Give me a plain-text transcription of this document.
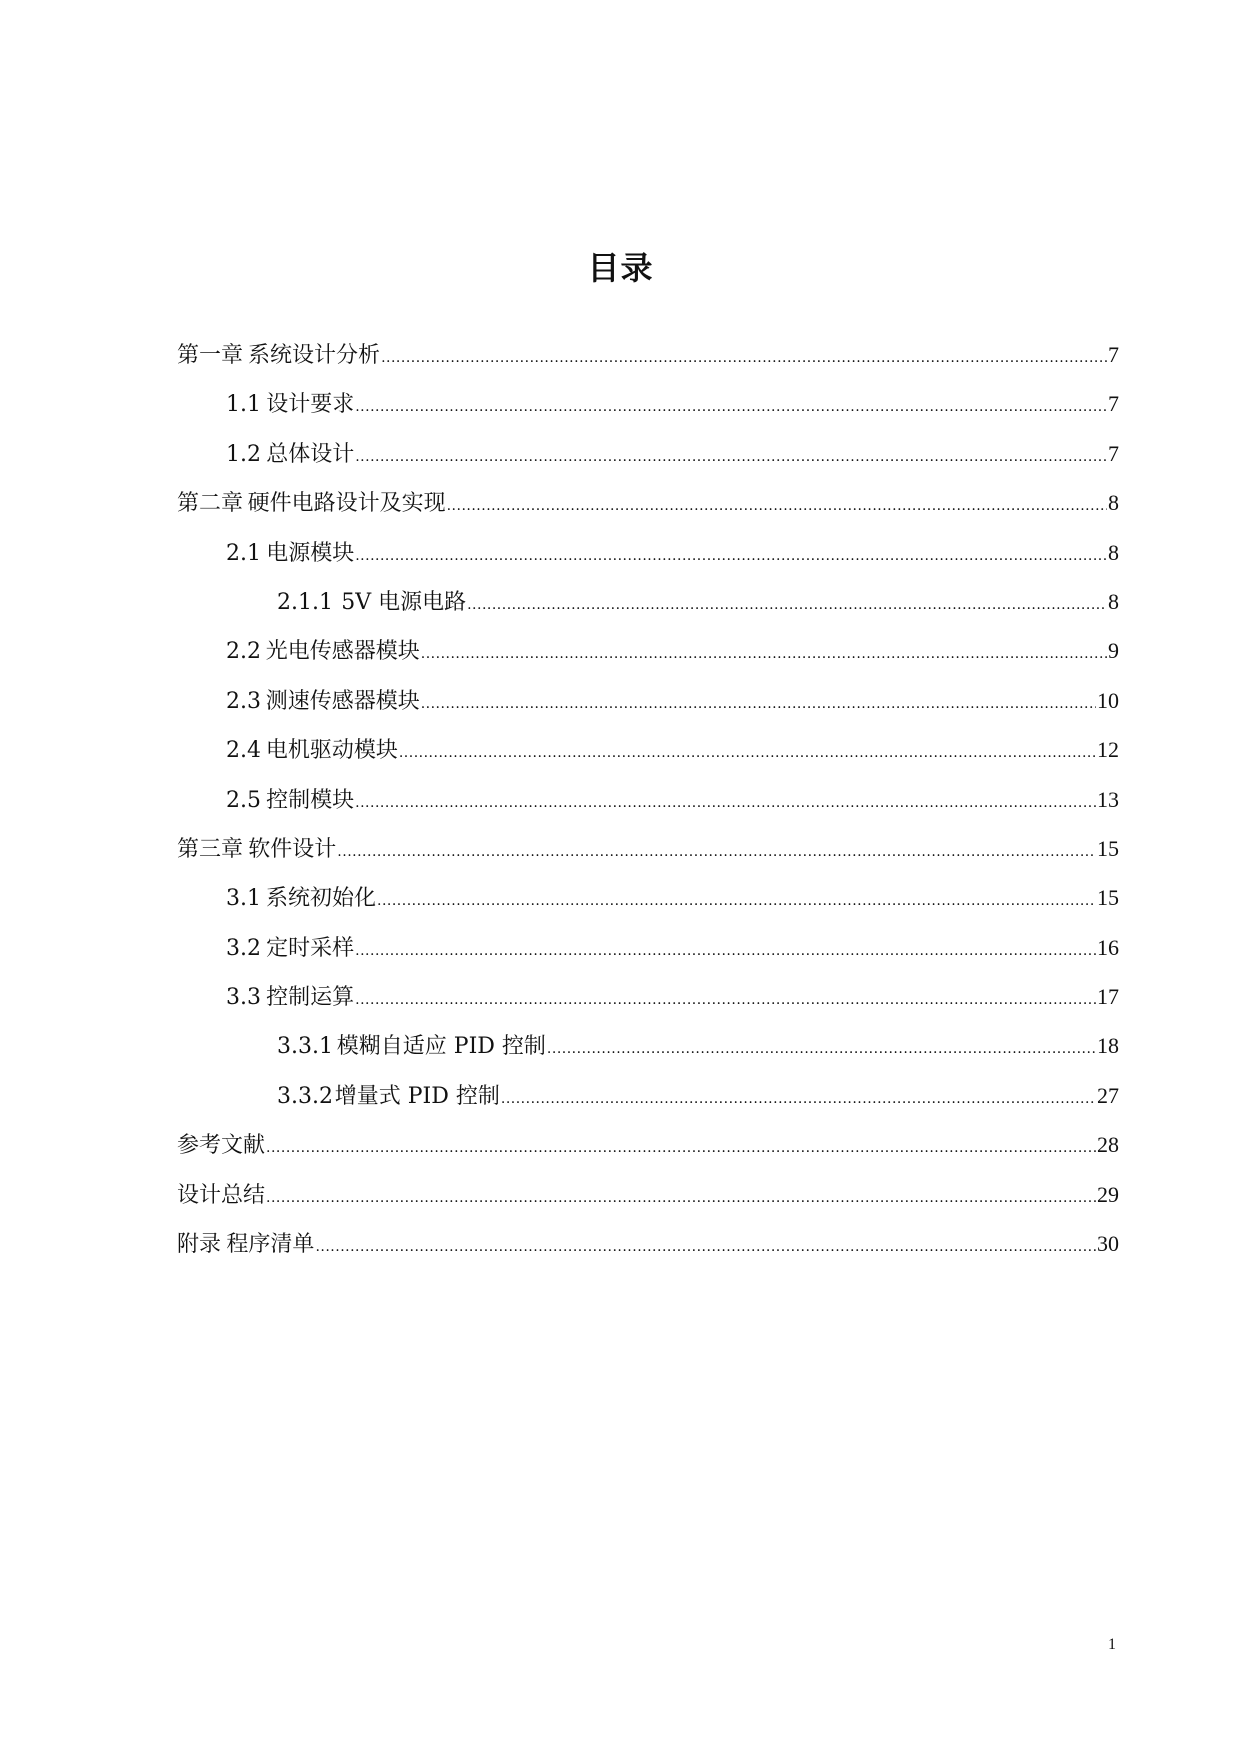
目录
第一章 系统设计分析 .....	7
1.1 设计要求 .....	7
1.2 总体设计 .....	7
第二章 硬件电路设计及实现 .....	8
2.1 电源模块 .....	8
2.1.1 5V 电源电路 .....	8
2.2 光电传感器模块 .....	9
2.3 测速传感器模块 .....	10
2.4 电机驱动模块 .....	12
2.5 控制模块 .....	13
第三章 软件设计 .....	15
3.1 系统初始化 .....	15
3.2 定时采样 .....	16
3.3 控制运算 .....	17
3.3.1 模糊自适应 PID 控制 .....	18
3.3.2 增量式 PID 控制 .....	27
参考文献 .....	28
设计总结 .....	29
附录 程序清单 .....	30
1
